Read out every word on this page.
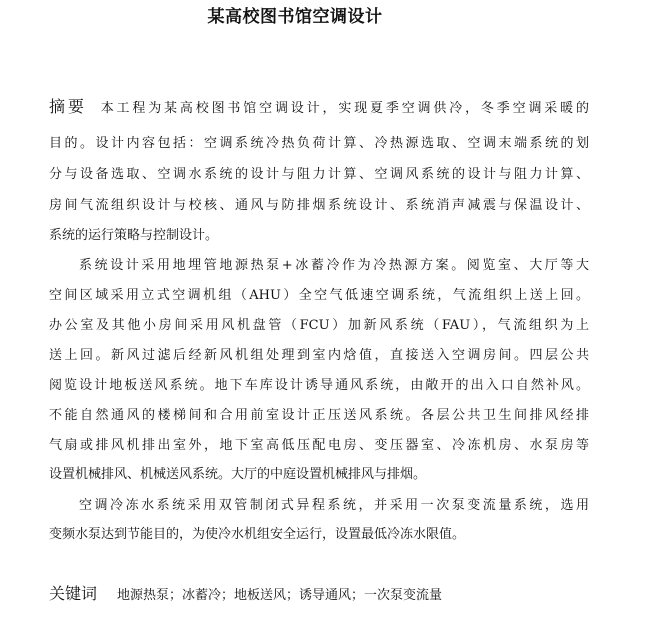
某高校图书馆空调设计
摘要 本工程为某高校图书馆空调设计，实现夏季空调供冷，冬季空调采暖的
目的。设计内容包括：空调系统冷热负荷计算、冷热源选取、空调末端系统的划
分与设备选取、空调水系统的设计与阻力计算、空调风系统的设计与阻力计算、
房间气流组织设计与校核、通风与防排烟系统设计、系统消声减震与保温设计、
系统的运行策略与控制设计。
系统设计采用地埋管地源热泵+冰蓄冷作为冷热源方案。阅览室、大厅等大
空间区域采用立式空调机组（AHU）全空气低速空调系统，气流组织上送上回。
办公室及其他小房间采用风机盘管（FCU）加新风系统（FAU），气流组织为上
送上回。新风过滤后经新风机组处理到室内焓值，直接送入空调房间。四层公共
阅览设计地板送风系统。地下车库设计诱导通风系统，由敞开的出入口自然补风。
不能自然通风的楼梯间和合用前室设计正压送风系统。各层公共卫生间排风经排
气扇或排风机排出室外，地下室高低压配电房、变压器室、冷冻机房、水泵房等
设置机械排风、机械送风系统。大厅的中庭设置机械排风与排烟。
空调冷冻水系统采用双管制闭式异程系统，并采用一次泵变流量系统，选用
变频水泵达到节能目的，为使冷水机组安全运行，设置最低冷冻水限值。
关键词 地源热泵；冰蓄冷；地板送风；诱导通风；一次泵变流量
